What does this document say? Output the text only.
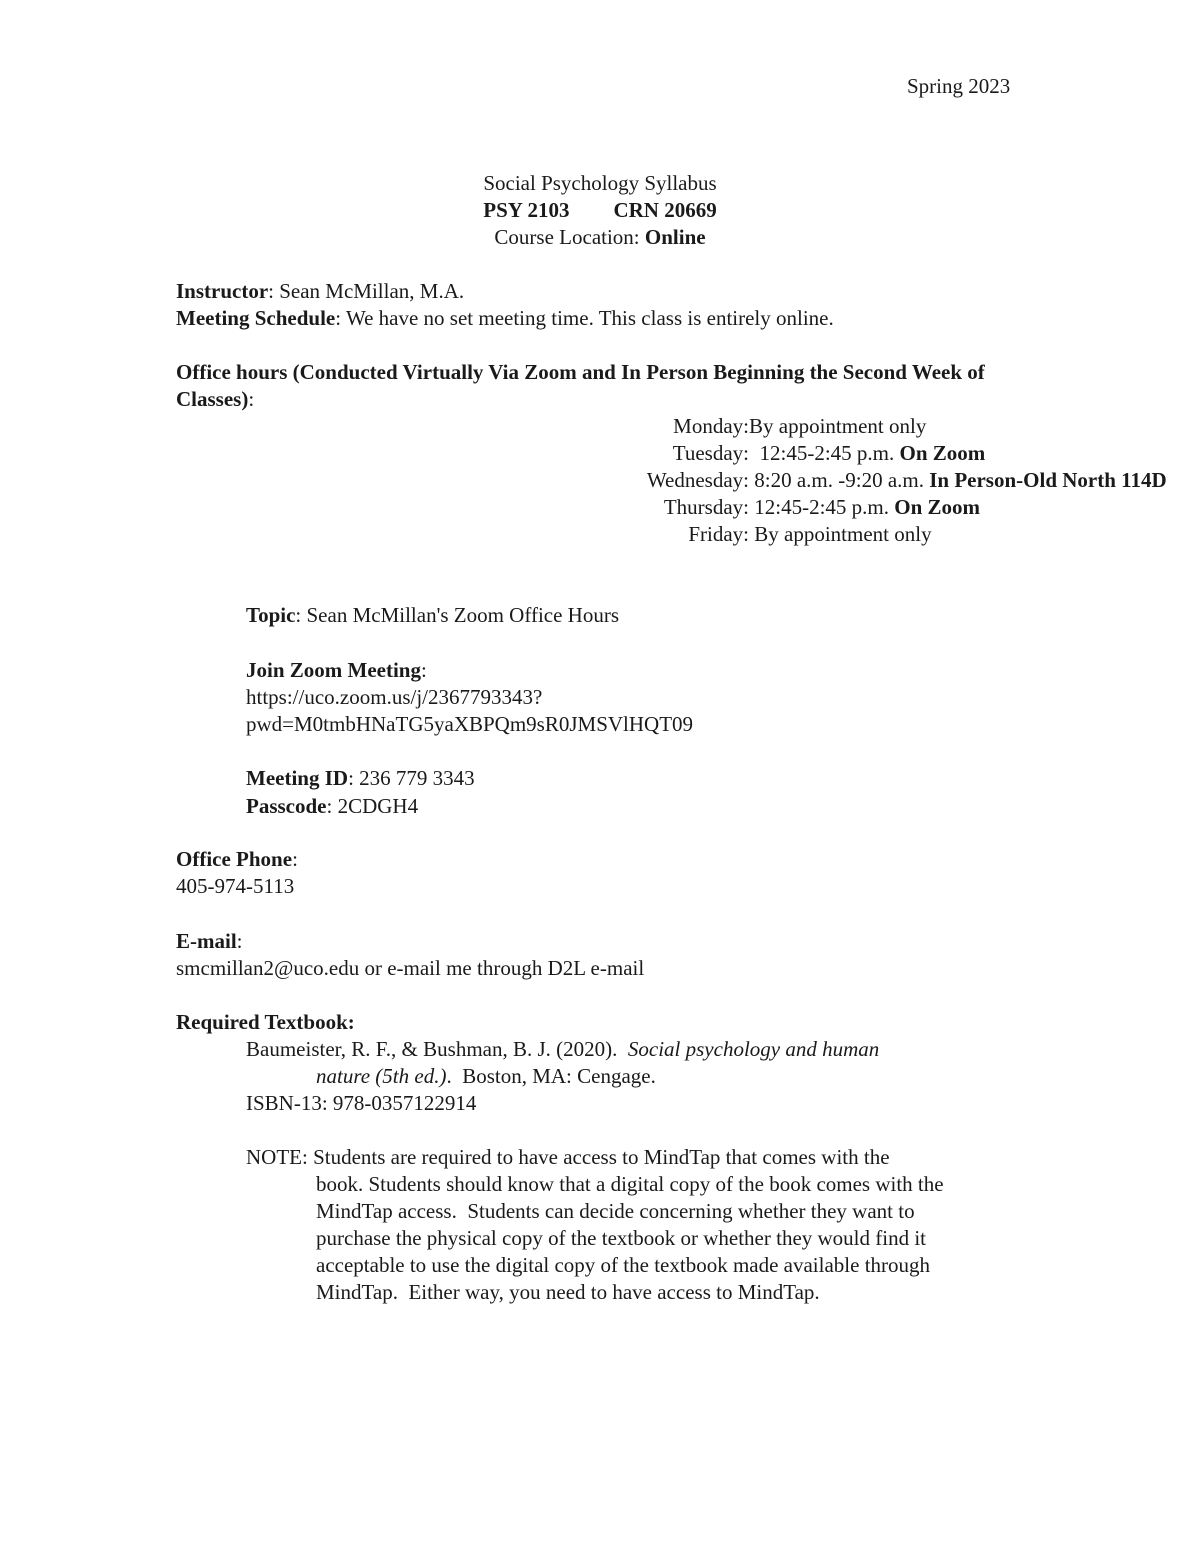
Spring 2023
Social Psychology Syllabus
PSY 2103 CRN 20669
Course Location: Online
Instructor: Sean McMillan, M.A.
Meeting Schedule: We have no set meeting time. This class is entirely online.
Office hours (Conducted Virtually Via Zoom and In Person Beginning the Second Week of Classes):
Monday: By appointment only
Tuesday: 12:45-2:45 p.m. On Zoom
Wednesday: 8:20 a.m. -9:20 a.m. In Person-Old North 114D
Thursday: 12:45-2:45 p.m. On Zoom
Friday: By appointment only
Topic: Sean McMillan's Zoom Office Hours
Join Zoom Meeting:
https://uco.zoom.us/j/2367793343?
pwd=M0tmbHNaTG5yaXBPQm9sR0JMSVlHQT09
Meeting ID: 236 779 3343
Passcode: 2CDGH4
Office Phone:
405-974-5113
E-mail:
smcmillan2@uco.edu or e-mail me through D2L e-mail
Required Textbook:
Baumeister, R. F., & Bushman, B. J. (2020).  Social psychology and human
nature (5th ed.).  Boston, MA: Cengage.
ISBN-13: 978-0357122914
NOTE: Students are required to have access to MindTap that comes with the
book. Students should know that a digital copy of the book comes with the
MindTap access.  Students can decide concerning whether they want to
purchase the physical copy of the textbook or whether they would find it
acceptable to use the digital copy of the textbook made available through
MindTap.  Either way, you need to have access to MindTap.
